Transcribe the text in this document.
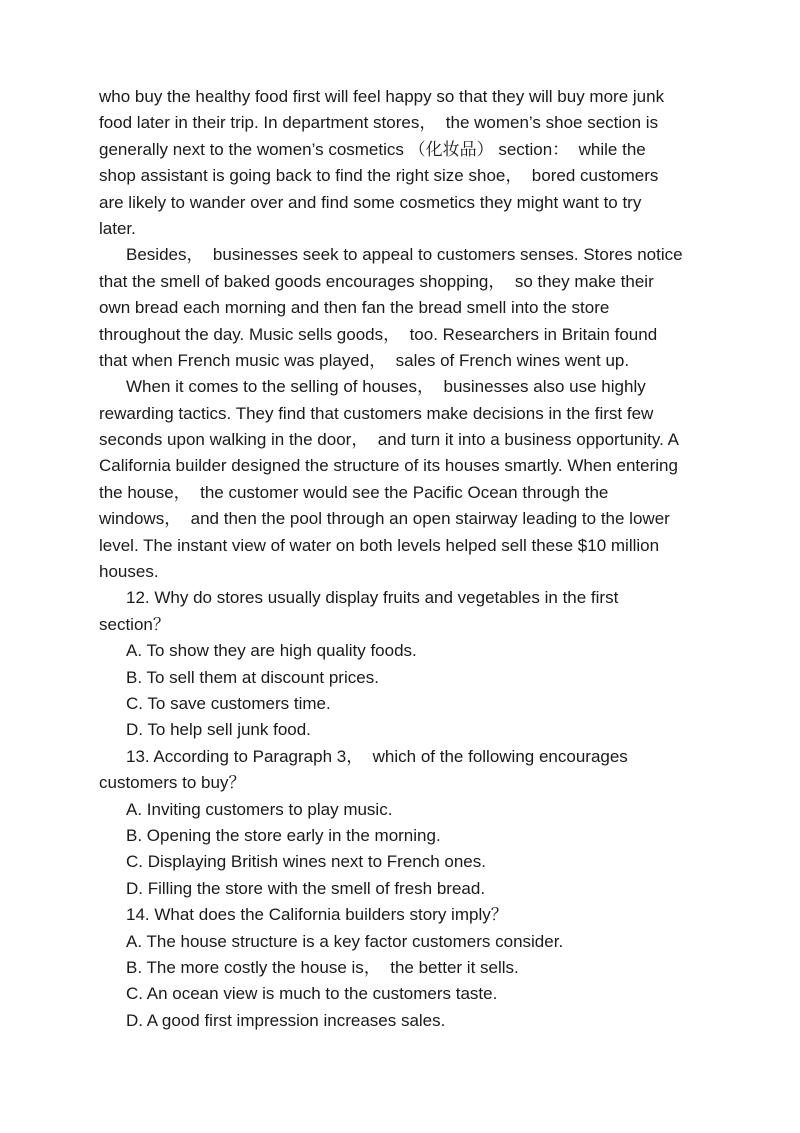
who buy the healthy food first will feel happy so that they will buy more junk
food later in their trip. In department stores，  the women’s shoe section is
generally next to the women’s cosmetics （化妆品） section：  while the
shop assistant is going back to find the right size shoe，  bored customers
are likely to wander over and find some cosmetics they might want to try
later.
Besides，  businesses seek to appeal to customers senses. Stores notice
that the smell of baked goods encourages shopping，  so they make their
own bread each morning and then fan the bread smell into the store
throughout the day. Music sells goods，  too. Researchers in Britain found
that when French music was played，  sales of French wines went up.
When it comes to the selling of houses，  businesses also use highly
rewarding tactics. They find that customers make decisions in the first few
seconds upon walking in the door，  and turn it into a business opportunity. A
California builder designed the structure of its houses smartly. When entering
the house，  the customer would see the Pacific Ocean through the
windows，  and then the pool through an open stairway leading to the lower
level. The instant view of water on both levels helped sell these $10 million
houses.
12. Why do stores usually display fruits and vegetables in the first
section？
A. To show they are high quality foods.
B. To sell them at discount prices.
C. To save customers time.
D. To help sell junk food.
13. According to Paragraph 3，  which of the following encourages
customers to buy？
A. Inviting customers to play music.
B. Opening the store early in the morning.
C. Displaying British wines next to French ones.
D. Filling the store with the smell of fresh bread.
14. What does the California builders story imply？
A. The house structure is a key factor customers consider.
B. The more costly the house is，  the better it sells.
C. An ocean view is much to the customers taste.
D. A good first impression increases sales.
